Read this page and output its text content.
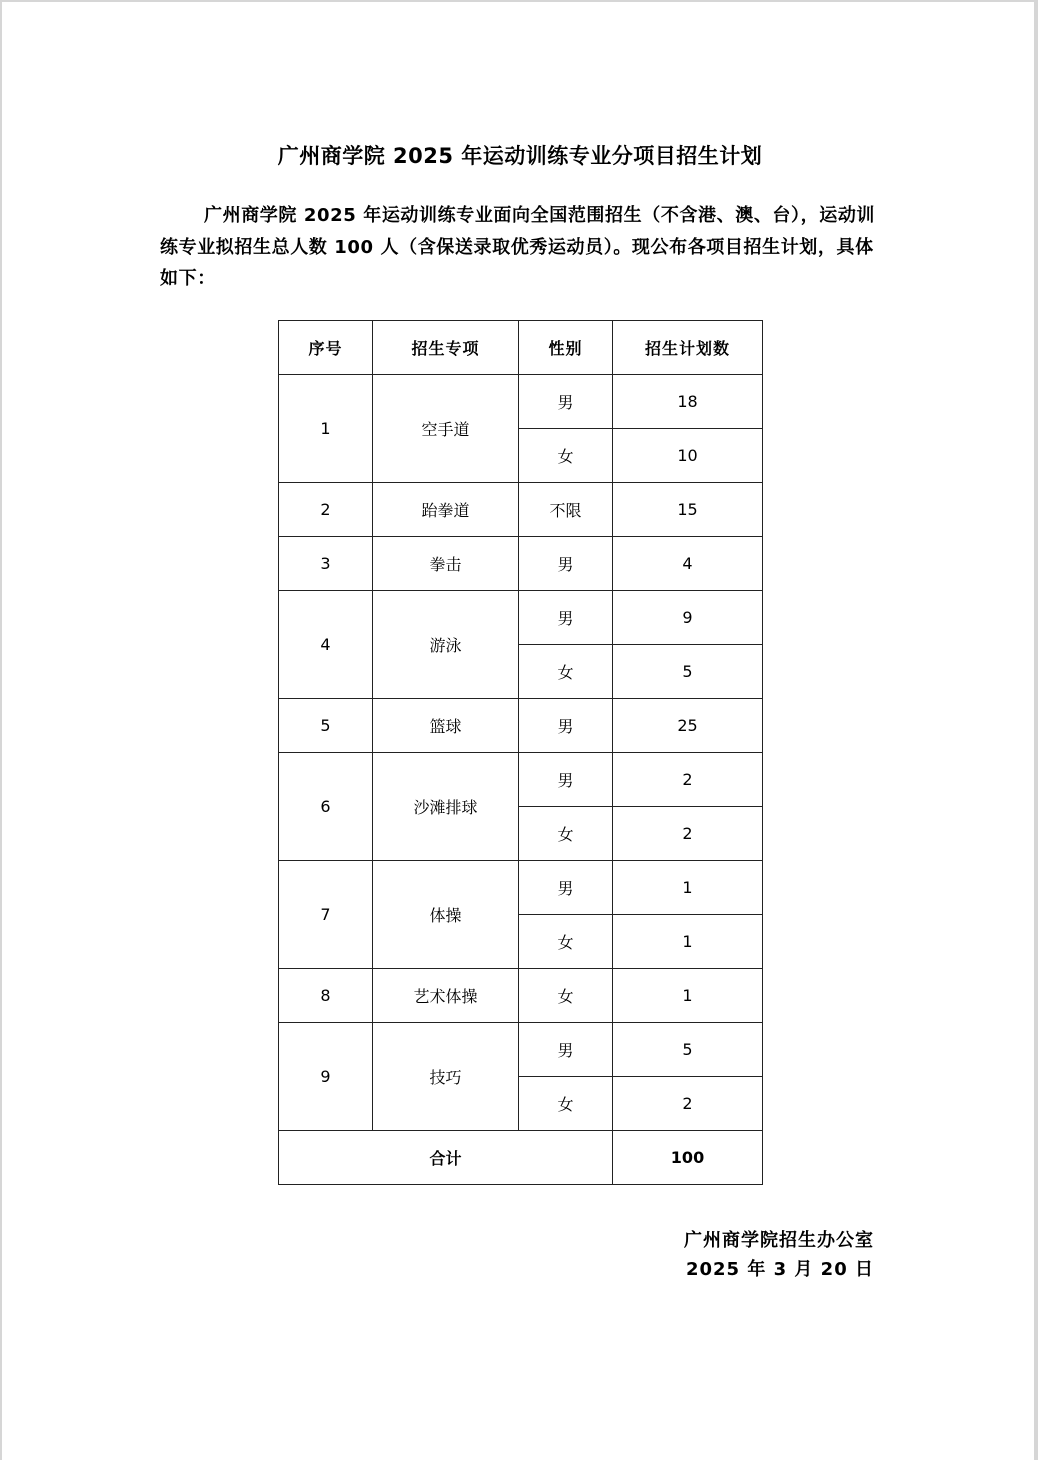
广州商学院 2025 年运动训练专业分项目招生计划
广州商学院 2025 年运动训练专业面向全国范围招生（不含港、澳、台），运动训练专业拟招生总人数 100 人（含保送录取优秀运动员）。现公布各项目招生计划，具体如下：
序号	招生专项	性别	招生计划数
1	空手道	男	18
		女	10
2	跆拳道	不限	15
3	拳击	男	4
4	游泳	男	9
		女	5
5	篮球	男	25
6	沙滩排球	男	2
		女	2
7	体操	男	1
		女	1
8	艺术体操	女	1
9	技巧	男	5
		女	2
合计			100
广州商学院招生办公室
2025 年 3 月 20 日
